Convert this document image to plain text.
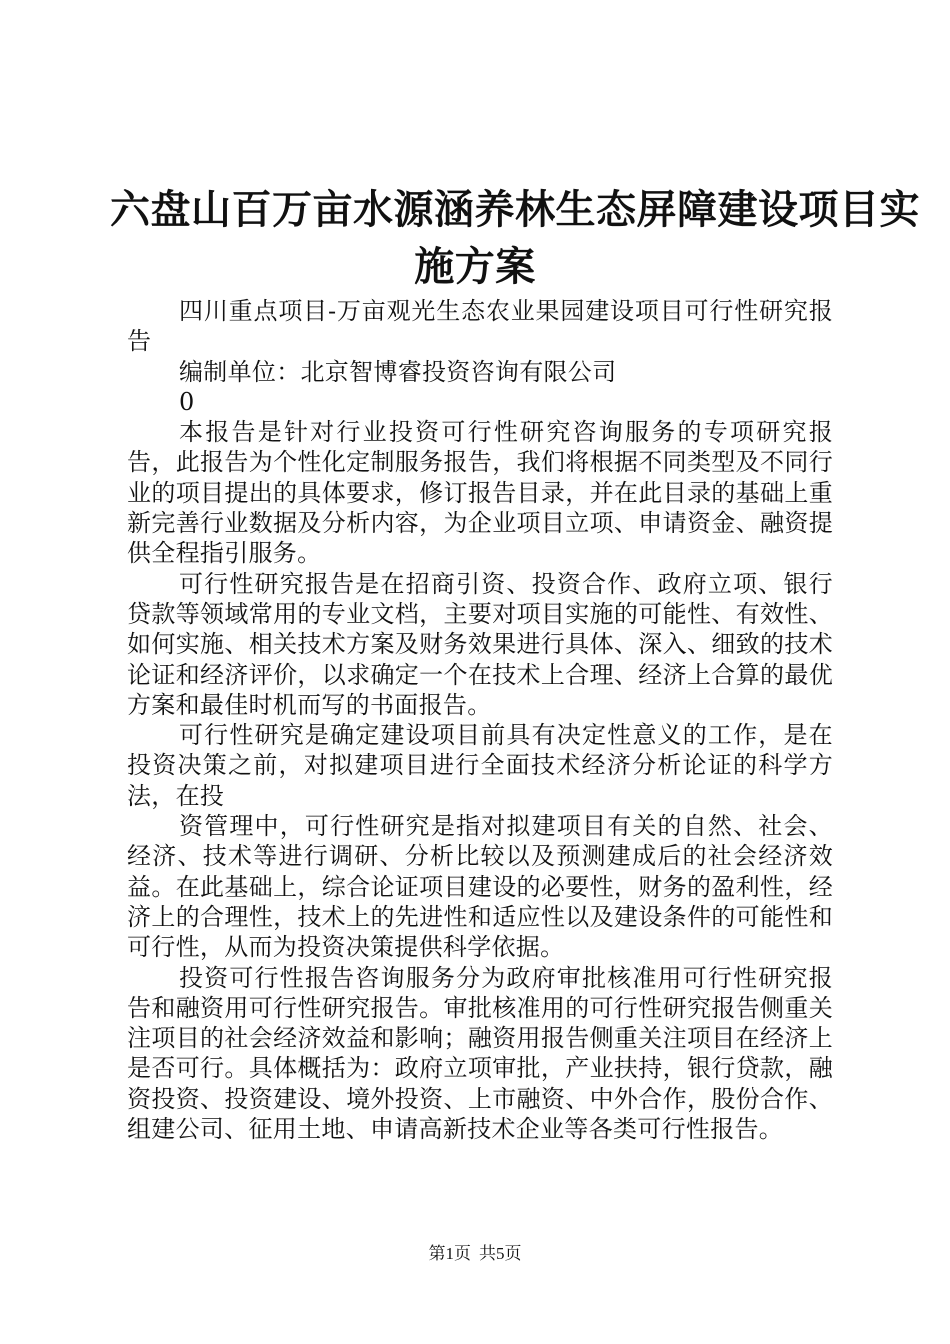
六盘山百万亩水源涵养林生态屏障建设项目实
施方案

四川重点项目-万亩观光生态农业果园建设项目可行性研究报告

编制单位：北京智博睿投资咨询有限公司

0

本报告是针对行业投资可行性研究咨询服务的专项研究报告，此报告为个性化定制服务报告，我们将根据不同类型及不同行业的项目提出的具体要求，修订报告目录，并在此目录的基础上重新完善行业数据及分析内容，为企业项目立项、申请资金、融资提供全程指引服务。

可行性研究报告是在招商引资、投资合作、政府立项、银行贷款等领域常用的专业文档，主要对项目实施的可能性、有效性、如何实施、相关技术方案及财务效果进行具体、深入、细致的技术论证和经济评价，以求确定一个在技术上合理、经济上合算的最优方案和最佳时机而写的书面报告。

可行性研究是确定建设项目前具有决定性意义的工作，是在投资决策之前，对拟建项目进行全面技术经济分析论证的科学方法，在投

资管理中，可行性研究是指对拟建项目有关的自然、社会、经济、技术等进行调研、分析比较以及预测建成后的社会经济效益。在此基础上，综合论证项目建设的必要性，财务的盈利性，经济上的合理性，技术上的先进性和适应性以及建设条件的可能性和可行性，从而为投资决策提供科学依据。

投资可行性报告咨询服务分为政府审批核准用可行性研究报告和融资用可行性研究报告。审批核准用的可行性研究报告侧重关注项目的社会经济效益和影响；融资用报告侧重关注项目在经济上是否可行。具体概括为：政府立项审批，产业扶持，银行贷款，融资投资、投资建设、境外投资、上市融资、中外合作，股份合作、组建公司、征用土地、申请高新技术企业等各类可行性报告。

第1页 共5页
